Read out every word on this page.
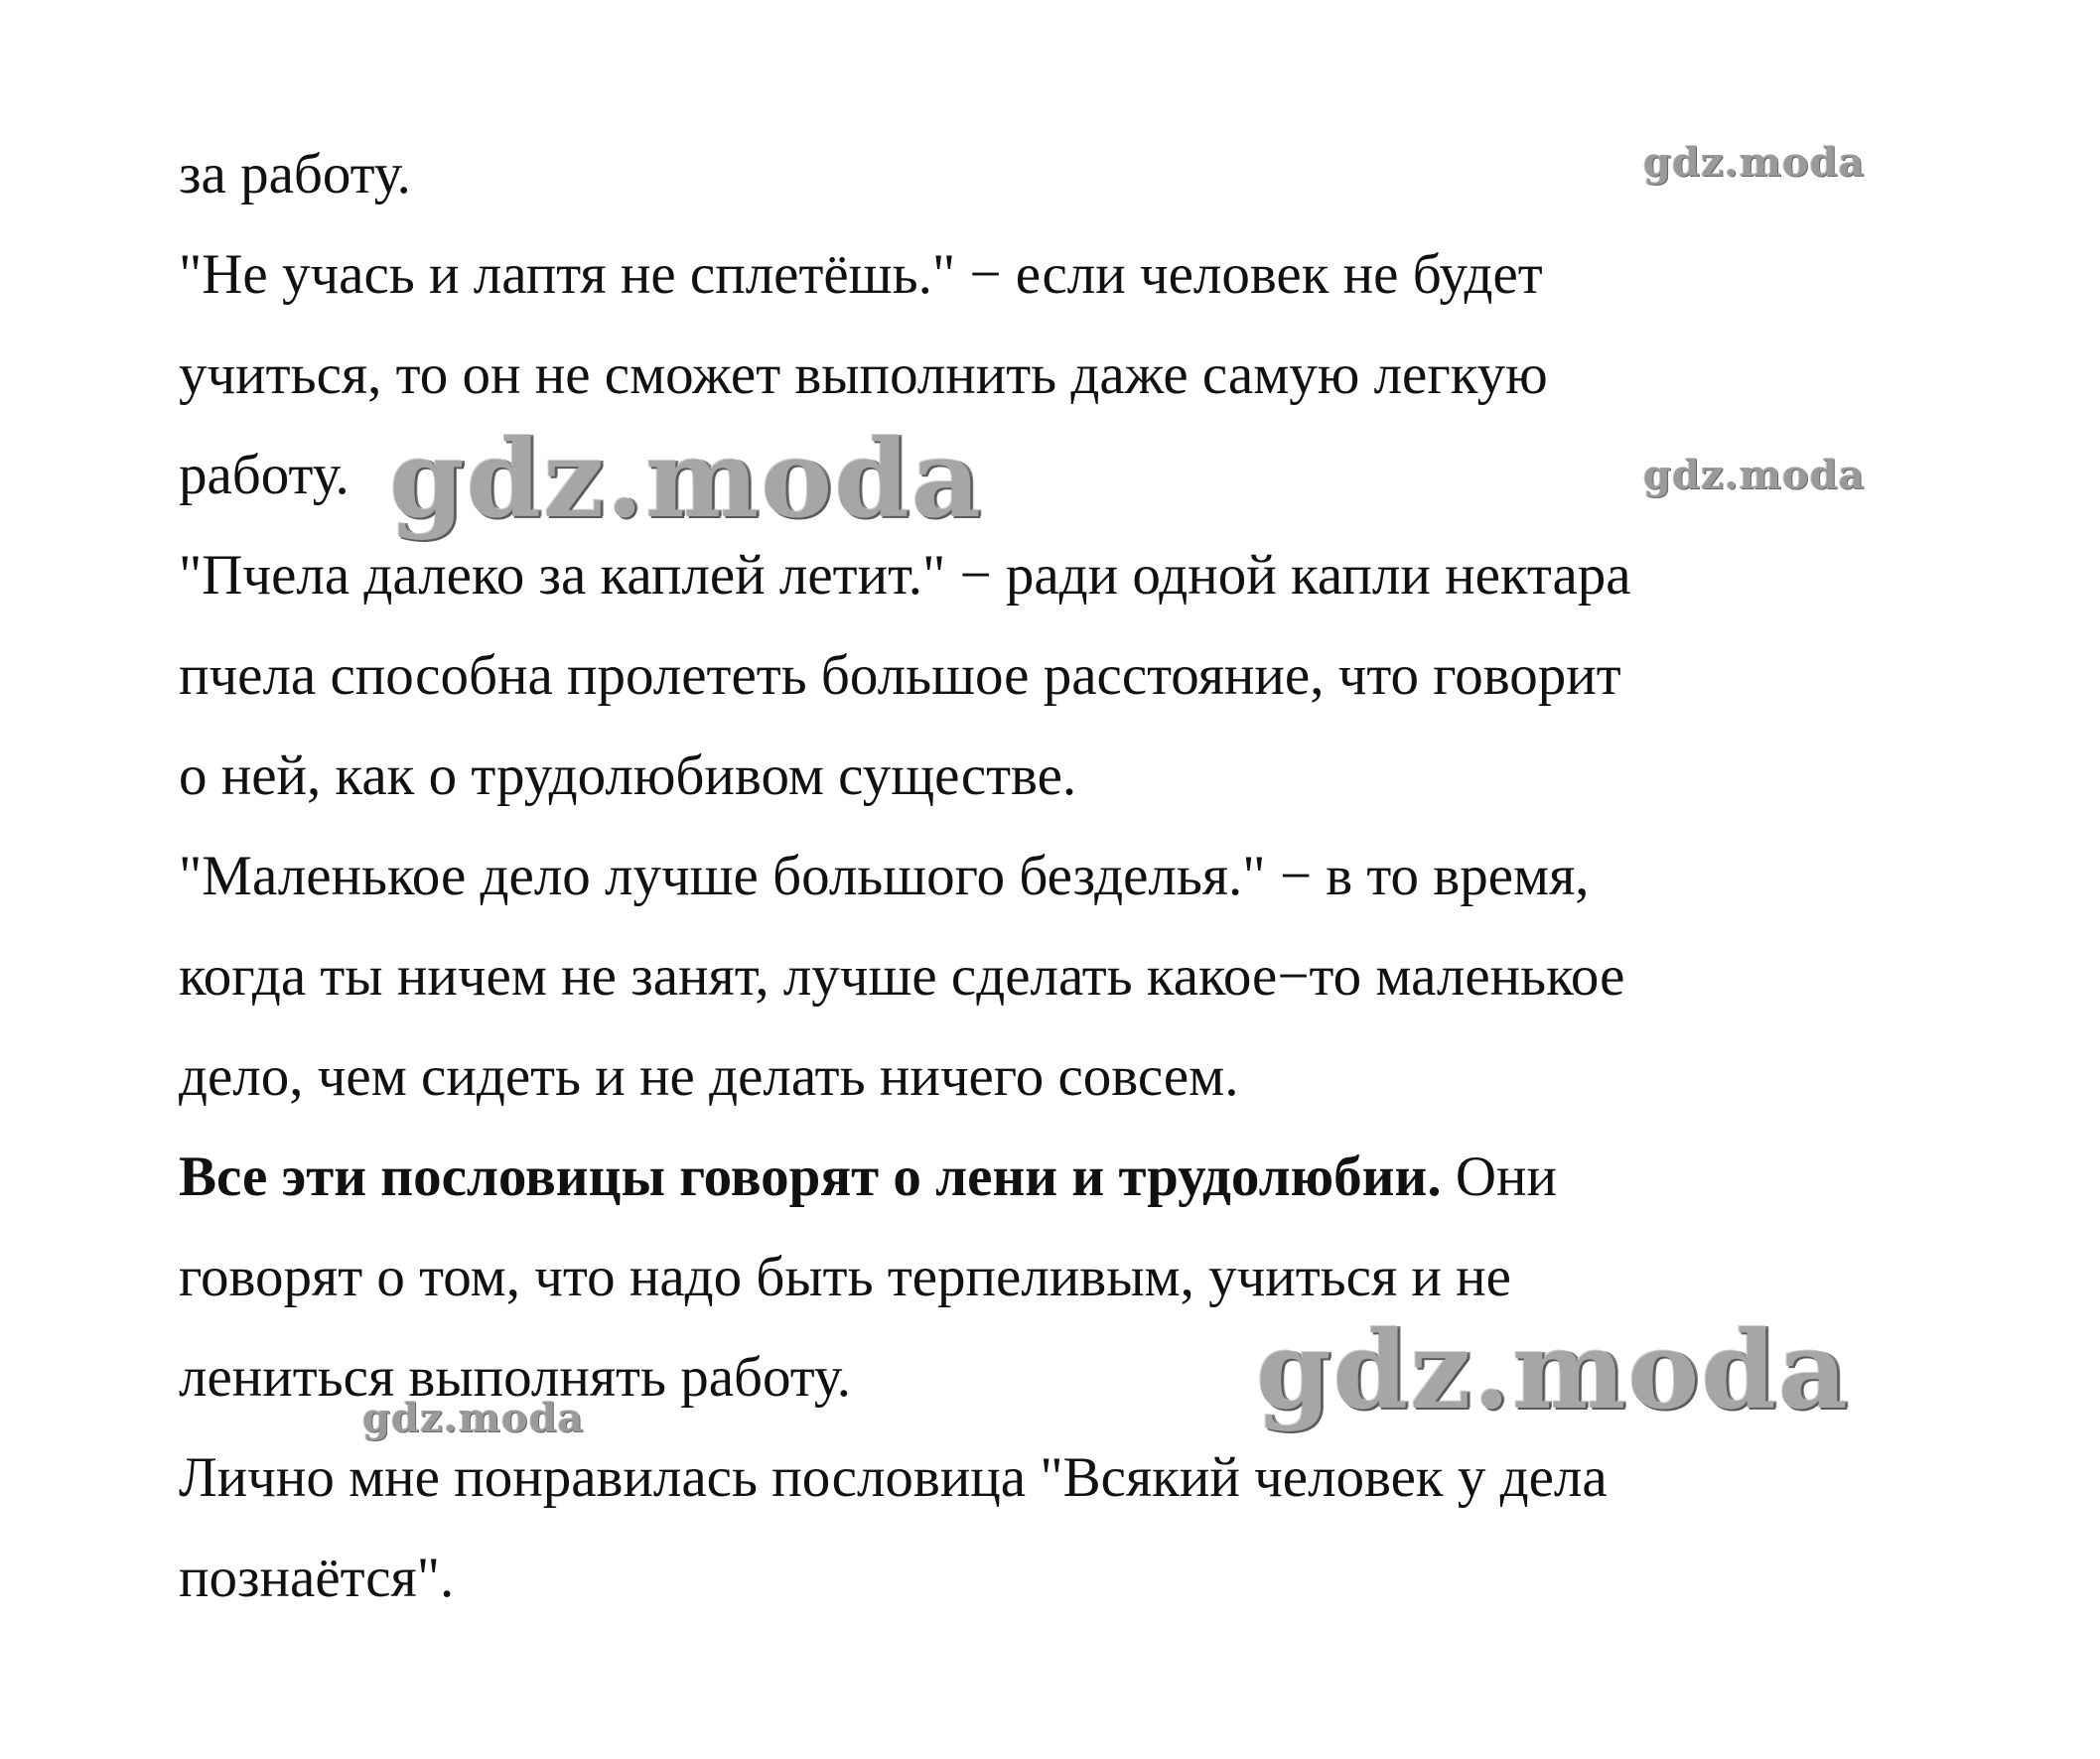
за работу.
"Не учась и лаптя не сплетёшь." − если человек не будет
учиться, то он не сможет выполнить даже самую легкую
работу.
"Пчела далеко за каплей летит." − ради одной капли нектара
пчела способна пролететь большое расстояние, что говорит
о ней, как о трудолюбивом существе.
"Маленькое дело лучше большого безделья." − в то время,
когда ты ничем не занят, лучше сделать какое−то маленькое
дело, чем сидеть и не делать ничего совсем.
Все эти пословицы говорят о лени и трудолюбии. Они
говорят о том, что надо быть терпеливым, учиться и не
лениться выполнять работу.
Лично мне понравилась пословица "Всякий человек у дела
познаётся".
gdz.moda
gdz.moda	gdz.moda
gdz.moda
gdz.moda
